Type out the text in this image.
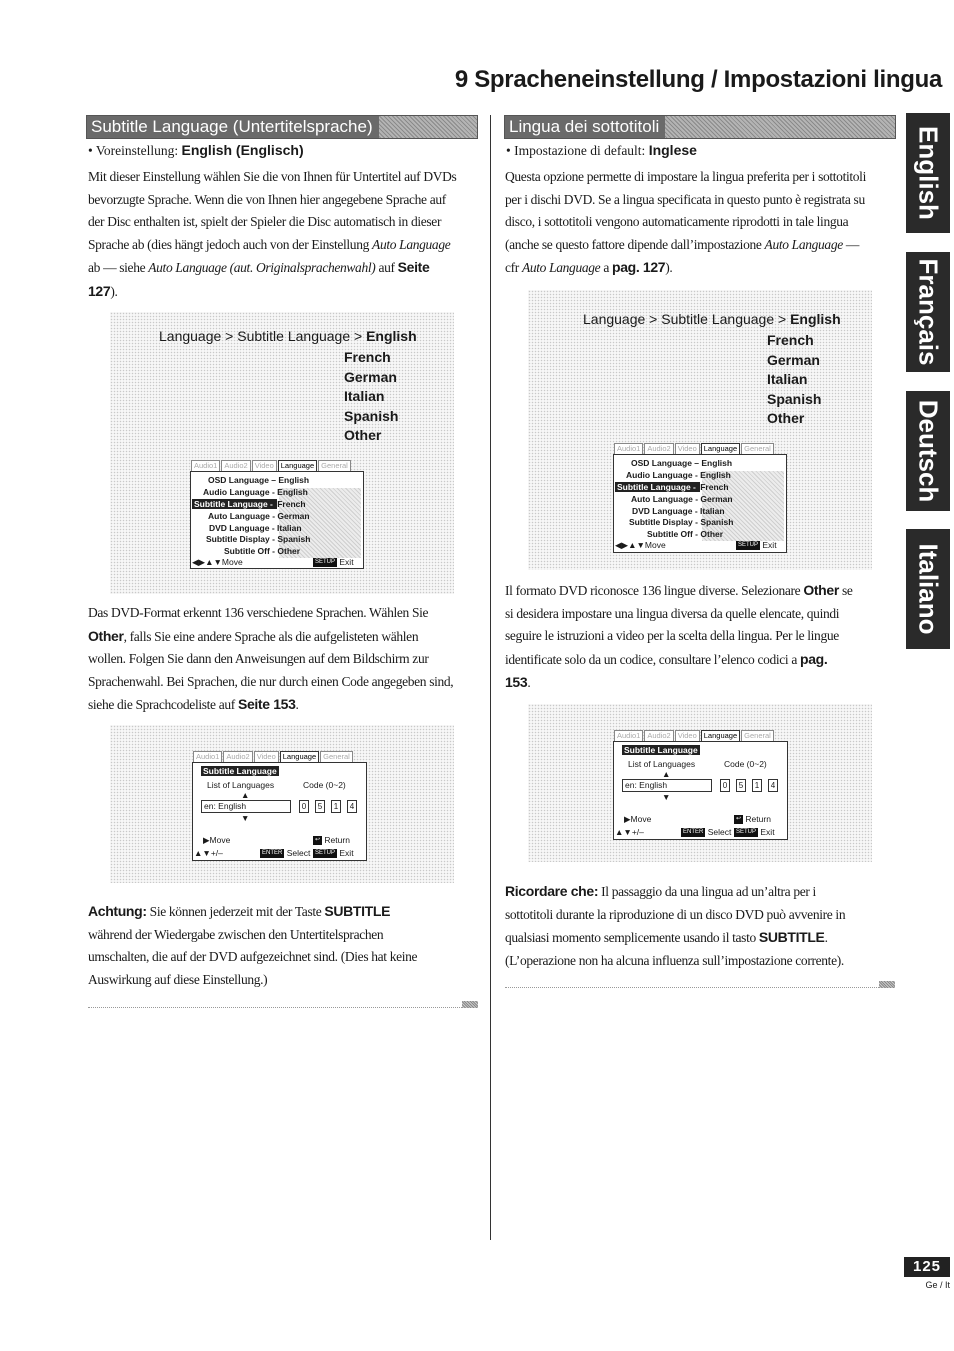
9 Spracheneinstellung / Impostazioni lingua
Subtitle Language (Untertitelsprache)
• Voreinstellung: English (Englisch)
Mit dieser Einstellung wählen Sie die von Ihnen für Untertitel auf DVDs
bevorzugte Sprache. Wenn die von Ihnen hier angegebene Sprache auf
der Disc enthalten ist, spielt der Spieler die Disc automatisch in dieser
Sprache ab (dies hängt jedoch auch von der Einstellung Auto Language
ab — siehe Auto Language (aut. Originalsprachenwahl) auf Seite
127).
Language > Subtitle Language > English
French
German
Italian
Spanish
Other
Audio1 Audio2 Video Language General
OSD Language – English
Audio Language - English
Subtitle Language - French
Auto Language - German
DVD Language - Italian
Subtitle Display - Spanish
Subtitle Off - Other
◀▶▲▼Move	SETUP Exit
Das DVD-Format erkennt 136 verschiedene Sprachen. Wählen Sie
Other, falls Sie eine andere Sprache als die aufgelisteten wählen
wollen. Folgen Sie dann den Anweisungen auf dem Bildschirm zur
Sprachenwahl. Bei Sprachen, die nur durch einen Code angegeben sind,
siehe die Sprachcodeliste auf Seite 153.
Audio1 Audio2 Video Language General
Subtitle Language
List of Languages	Code (0~2)
▲
en: English	0 5 1 4
▼
▶Move	↩ Return
▲▼+/–	ENTER Select SETUP Exit
Achtung: Sie können jederzeit mit der Taste SUBTITLE
während der Wiedergabe zwischen den Untertitelsprachen
umschalten, die auf der DVD aufgezeichnet sind. (Dies hat keine
Auswirkung auf diese Einstellung.)
Lingua dei sottotitoli
• Impostazione di default: Inglese
Questa opzione permette di impostare la lingua preferita per i sottotitoli
per i dischi DVD. Se a lingua specificata in questo punto è registrata su
disco, i sottotitoli vengono automaticamente riprodotti in tale lingua
(anche se questo fattore dipende dall’impostazione Auto Language —
cfr Auto Language a pag. 127).
Language > Subtitle Language > English
French
German
Italian
Spanish
Other
Audio1 Audio2 Video Language General
OSD Language – English
Audio Language - English
Subtitle Language - French
Auto Language - German
DVD Language - Italian
Subtitle Display - Spanish
Subtitle Off - Other
◀▶▲▼Move	SETUP Exit
Il formato DVD riconosce 136 lingue diverse. Selezionare Other se
si desidera impostare una lingua diversa da quelle elencate, quindi
seguire le istruzioni a video per la scelta della lingua. Per le lingue
identificate solo da un codice, consultare l’elenco codici a pag.
153.
Audio1 Audio2 Video Language General
Subtitle Language
List of Languages	Code (0~2)
▲
en: English	0 5 1 4
▼
▶Move	↩ Return
▲▼+/–	ENTER Select SETUP Exit
Ricordare che: Il passaggio da una lingua ad un’altra per i
sottotitoli durante la riproduzione di un disco DVD può avvenire in
qualsiasi momento semplicemente usando il tasto SUBTITLE.
(L’operazione non ha alcuna influenza sull’impostazione corrente).
English
Français
Deutsch
Italiano
125
Ge / It
